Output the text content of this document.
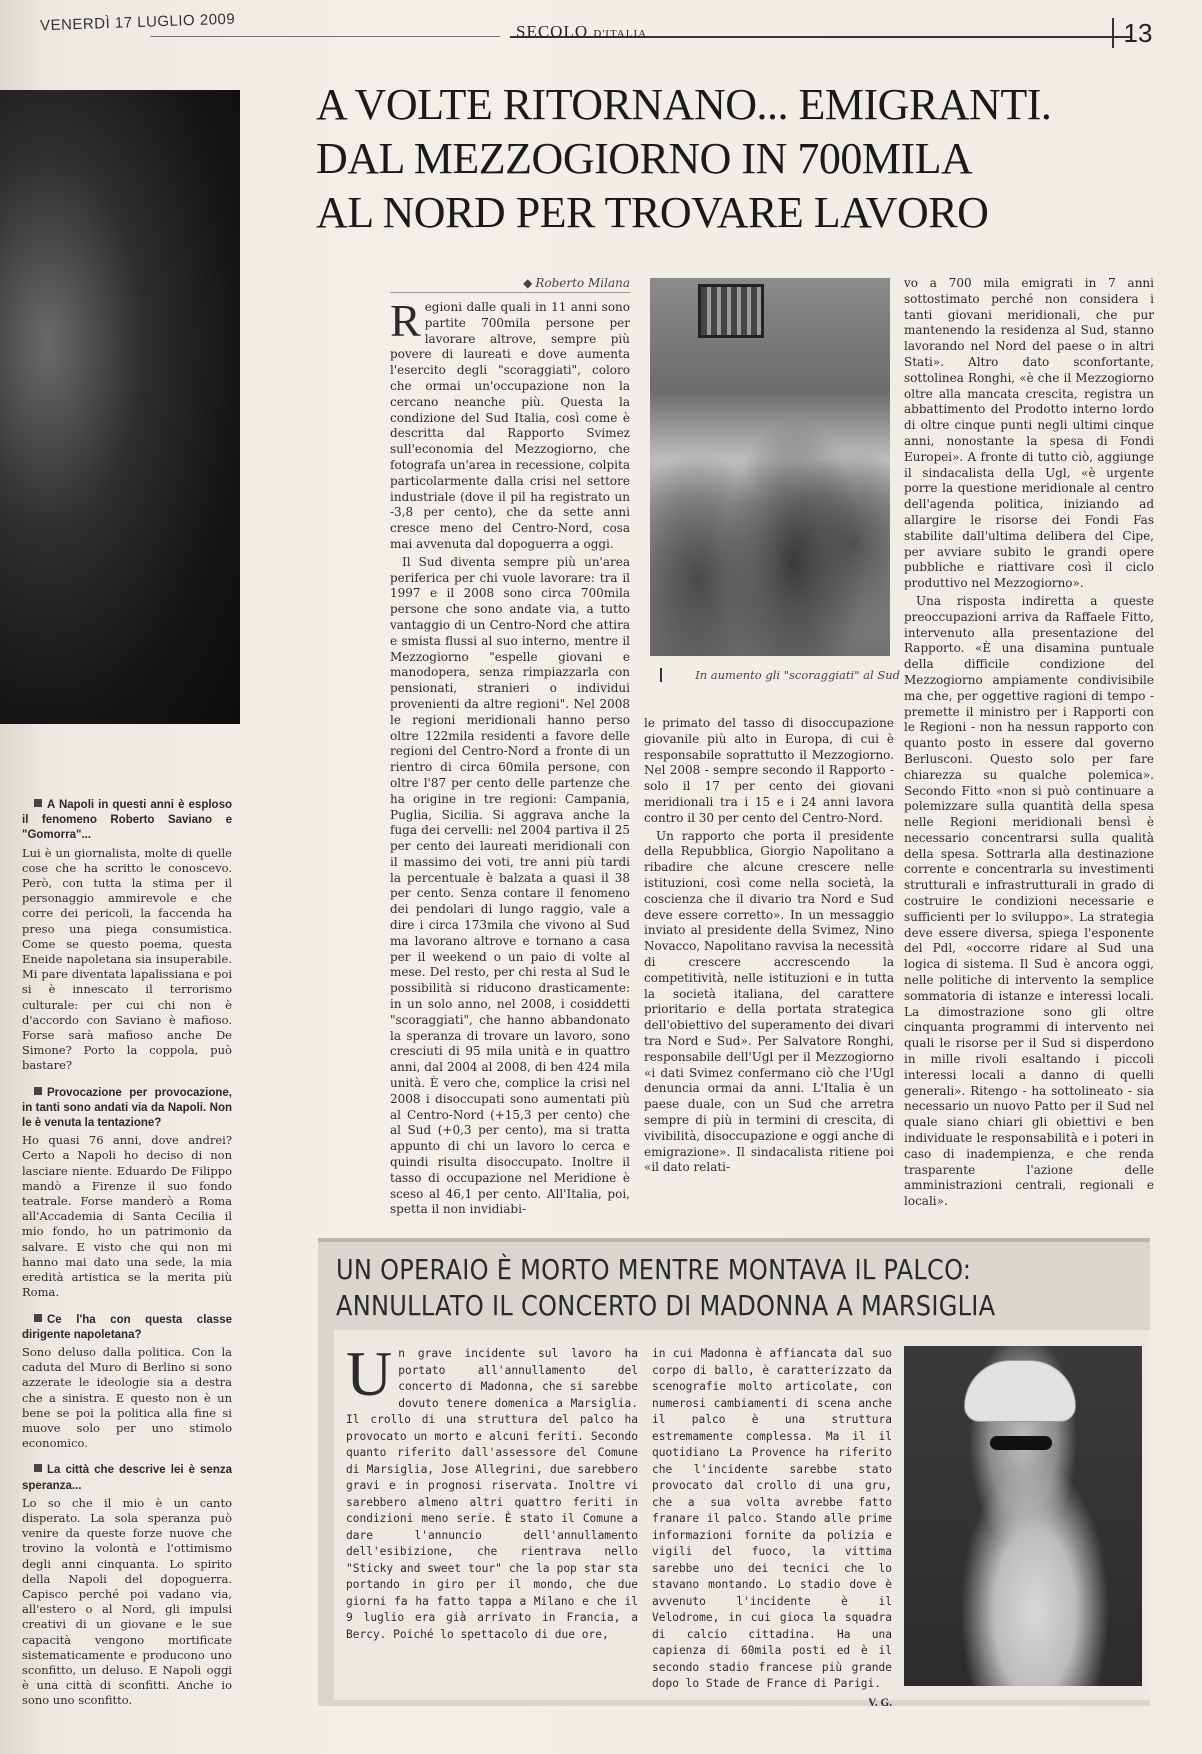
VENERDÌ 17 LUGLIO 2009	SECOLO D'ITALIA	13
A VOLTE RITORNANO... EMIGRANTI.
DAL MEZZOGIORNO IN 700MILA
AL NORD PER TROVARE LAVORO
◆ Roberto Milana

Regioni dalle quali in 11 anni sono partite 700mila persone per lavorare altrove, sempre più povere di laureati e dove aumenta l'esercito degli "scoraggiati", coloro che ormai un'occupazione non la cercano neanche più. Questa la condizione del Sud Italia, così come è descritta dal Rapporto Svimez sull'economia del Mezzogiorno, che fotografa un'area in recessione, colpita particolarmente dalla crisi nel settore industriale (dove il pil ha registrato un -3,8 per cento), che da sette anni cresce meno del Centro-Nord, cosa mai avvenuta dal dopoguerra a oggi.

Il Sud diventa sempre più un'area periferica per chi vuole lavorare: tra il 1997 e il 2008 sono circa 700mila persone che sono andate via, a tutto vantaggio di un Centro-Nord che attira e smista flussi al suo interno, mentre il Mezzogiorno "espelle giovani e manodopera, senza rimpiazzarla con pensionati, stranieri o individui provenienti da altre regioni". Nel 2008 le regioni meridionali hanno perso oltre 122mila residenti a favore delle regioni del Centro-Nord a fronte di un rientro di circa 60mila persone, con oltre l'87 per cento delle partenze che ha origine in tre regioni: Campania, Puglia, Sicilia. Si aggrava anche la fuga dei cervelli: nel 2004 partiva il 25 per cento dei laureati meridionali con il massimo dei voti, tre anni più tardi la percentuale è balzata a quasi il 38 per cento. Senza contare il fenomeno dei pendolari di lungo raggio, vale a dire i circa 173mila che vivono al Sud ma lavorano altrove e tornano a casa per il weekend o un paio di volte al mese. Del resto, per chi resta al Sud le possibilità si riducono drasticamente: in un solo anno, nel 2008, i cosiddetti "scoraggiati", che hanno abbandonato la speranza di trovare un lavoro, sono cresciuti di 95 mila unità e in quattro anni, dal 2004 al 2008, di ben 424 mila unità. È vero che, complice la crisi nel 2008 i disoccupati sono aumentati più al Centro-Nord (+15,3 per cento) che al Sud (+0,3 per cento), ma si tratta appunto di chi un lavoro lo cerca e quindi risulta disoccupato. Inoltre il tasso di occupazione nel Meridione è sceso al 46,1 per cento. All'Italia, poi, spetta il non invidiabi-

In aumento gli "scoraggiati" al Sud

le primato del tasso di disoccupazione giovanile più alto in Europa, di cui è responsabile soprattutto il Mezzogiorno. Nel 2008 - sempre secondo il Rapporto - solo il 17 per cento dei giovani meridionali tra i 15 e i 24 anni lavora contro il 30 per cento del Centro-Nord.

Un rapporto che porta il presidente della Repubblica, Giorgio Napolitano a ribadire che alcune crescere nelle istituzioni, così come nella società, la coscienza che il divario tra Nord e Sud deve essere corretto». In un messaggio inviato al presidente della Svimez, Nino Novacco, Napolitano ravvisa la necessità di crescere accrescendo la competitività, nelle istituzioni e in tutta la società italiana, del carattere prioritario e della portata strategica dell'obiettivo del superamento dei divari tra Nord e Sud». Per Salvatore Ronghi, responsabile dell'Ugl per il Mezzogiorno «i dati Svimez confermano ciò che l'Ugl denuncia ormai da anni. L'Italia è un paese duale, con un Sud che arretra sempre di più in termini di crescita, di vivibilità, disoccupazione e oggi anche di emigrazione». Il sindacalista ritiene poi «il dato relati-

vo a 700 mila emigrati in 7 anni sottostimato perché non considera i tanti giovani meridionali, che pur mantenendo la residenza al Sud, stanno lavorando nel Nord del paese o in altri Stati». Altro dato sconfortante, sottolinea Ronghi, «è che il Mezzogiorno oltre alla mancata crescita, registra un abbattimento del Prodotto interno lordo di oltre cinque punti negli ultimi cinque anni, nonostante la spesa di Fondi Europei». A fronte di tutto ciò, aggiunge il sindacalista della Ugl, «è urgente porre la questione meridionale al centro dell'agenda politica, iniziando ad allargire le risorse dei Fondi Fas stabilite dall'ultima delibera del Cipe, per avviare subito le grandi opere pubbliche e riattivare così il ciclo produttivo nel Mezzogiorno».

Una risposta indiretta a queste preoccupazioni arriva da Raffaele Fitto, intervenuto alla presentazione del Rapporto. «È una disamina puntuale della difficile condizione del Mezzogiorno ampiamente condivisibile ma che, per oggettive ragioni di tempo - premette il ministro per i Rapporti con le Regioni - non ha nessun rapporto con quanto posto in essere dal governo Berlusconi. Questo solo per fare chiarezza su qualche polemica». Secondo Fitto «non si può continuare a polemizzare sulla quantità della spesa nelle Regioni meridionali bensì è necessario concentrarsi sulla qualità della spesa. Sottrarla alla destinazione corrente e concentrarla su investimenti strutturali e infrastrutturali in grado di costruire le condizioni necessarie e sufficienti per lo sviluppo». La strategia deve essere diversa, spiega l'esponente del Pdl, «occorre ridare al Sud una logica di sistema. Il Sud è ancora oggi, nelle politiche di intervento la semplice sommatoria di istanze e interessi locali. La dimostrazione sono gli oltre cinquanta programmi di intervento nei quali le risorse per il Sud si disperdono in mille rivoli esaltando i piccoli interessi locali a danno di quelli generali». Ritengo - ha sottolineato - sia necessario un nuovo Patto per il Sud nel quale siano chiari gli obiettivi e ben individuate le responsabilità e i poteri in caso di inadempienza, e che renda trasparente l'azione delle amministrazioni centrali, regionali e locali».

A Napoli in questi anni è esploso il fenomeno Roberto Saviano e "Gomorra"...
Lui è un giornalista, molte di quelle cose che ha scritto le conoscevo. Però, con tutta la stima per il personaggio ammirevole e che corre dei pericoli, la faccenda ha preso una piega consumistica. Come se questo poema, questa Eneide napoletana sia insuperabile. Mi pare diventata lapalissiana e poi si è innescato il terrorismo culturale: per cui chi non è d'accordo con Saviano è mafioso. Forse sarà mafioso anche De Simone? Porto la coppola, può bastare?
Provocazione per provocazione, in tanti sono andati via da Napoli. Non le è venuta la tentazione?
Ho quasi 76 anni, dove andrei? Certo a Napoli ho deciso di non lasciare niente. Eduardo De Filippo mandò a Firenze il suo fondo teatrale. Forse manderò a Roma all'Accademia di Santa Cecilia il mio fondo, ho un patrimonio da salvare. E visto che qui non mi hanno mai dato una sede, la mia eredità artistica se la merita più Roma.
Ce l'ha con questa classe dirigente napoletana?
Sono deluso dalla politica. Con la caduta del Muro di Berlino si sono azzerate le ideologie sia a destra che a sinistra. E questo non è un bene se poi la politica alla fine si muove solo per uno stimolo economico.
La città che descrive lei è senza speranza...
Lo so che il mio è un canto disperato. La sola speranza può venire da queste forze nuove che trovino la volontà e l'ottimismo degli anni cinquanta. Lo spirito della Napoli del dopoguerra. Capisco perché poi vadano via, all'estero o al Nord, gli impulsi creativi di un giovane e le sue capacità vengono mortificate sistematicamente e producono uno sconfitto, un deluso. E Napoli oggi è una città di sconfitti. Anche io sono uno sconfitto.
UN OPERAIO È MORTO MENTRE MONTAVA IL PALCO:
ANNULLATO IL CONCERTO DI MADONNA A MARSIGLIA

Un grave incidente sul lavoro ha portato all'annullamento del concerto di Madonna, che si sarebbe dovuto tenere domenica a Marsiglia. Il crollo di una struttura del palco ha provocato un morto e alcuni feriti. Secondo quanto riferito dall'assessore del Comune di Marsiglia, Jose Allegrini, due sarebbero gravi e in prognosi riservata. Inoltre vi sarebbero almeno altri quattro feriti in condizioni meno serie. È stato il Comune a dare l'annuncio dell'annullamento dell'esibizione, che rientrava nello "Sticky and sweet tour" che la pop star sta portando in giro per il mondo, che due giorni fa ha fatto tappa a Milano e che il 9 luglio era già arrivato in Francia, a Bercy. Poiché lo spettacolo di due ore,

in cui Madonna è affiancata dal suo corpo di ballo, è caratterizzato da scenografie molto articolate, con numerosi cambiamenti di scena anche il palco è una struttura estremamente complessa. Ma il il quotidiano La Provence ha riferito che l'incidente sarebbe stato provocato dal crollo di una gru, che a sua volta avrebbe fatto franare il palco. Stando alle prime informazioni fornite da polizia e vigili del fuoco, la vittima sarebbe uno dei tecnici che lo stavano montando. Lo stadio dove è avvenuto l'incidente è il Velodrome, in cui gioca la squadra di calcio cittadina. Ha una capienza di 60mila posti ed è il secondo stadio francese più grande dopo lo Stade de France di Parigi.

V. G.
